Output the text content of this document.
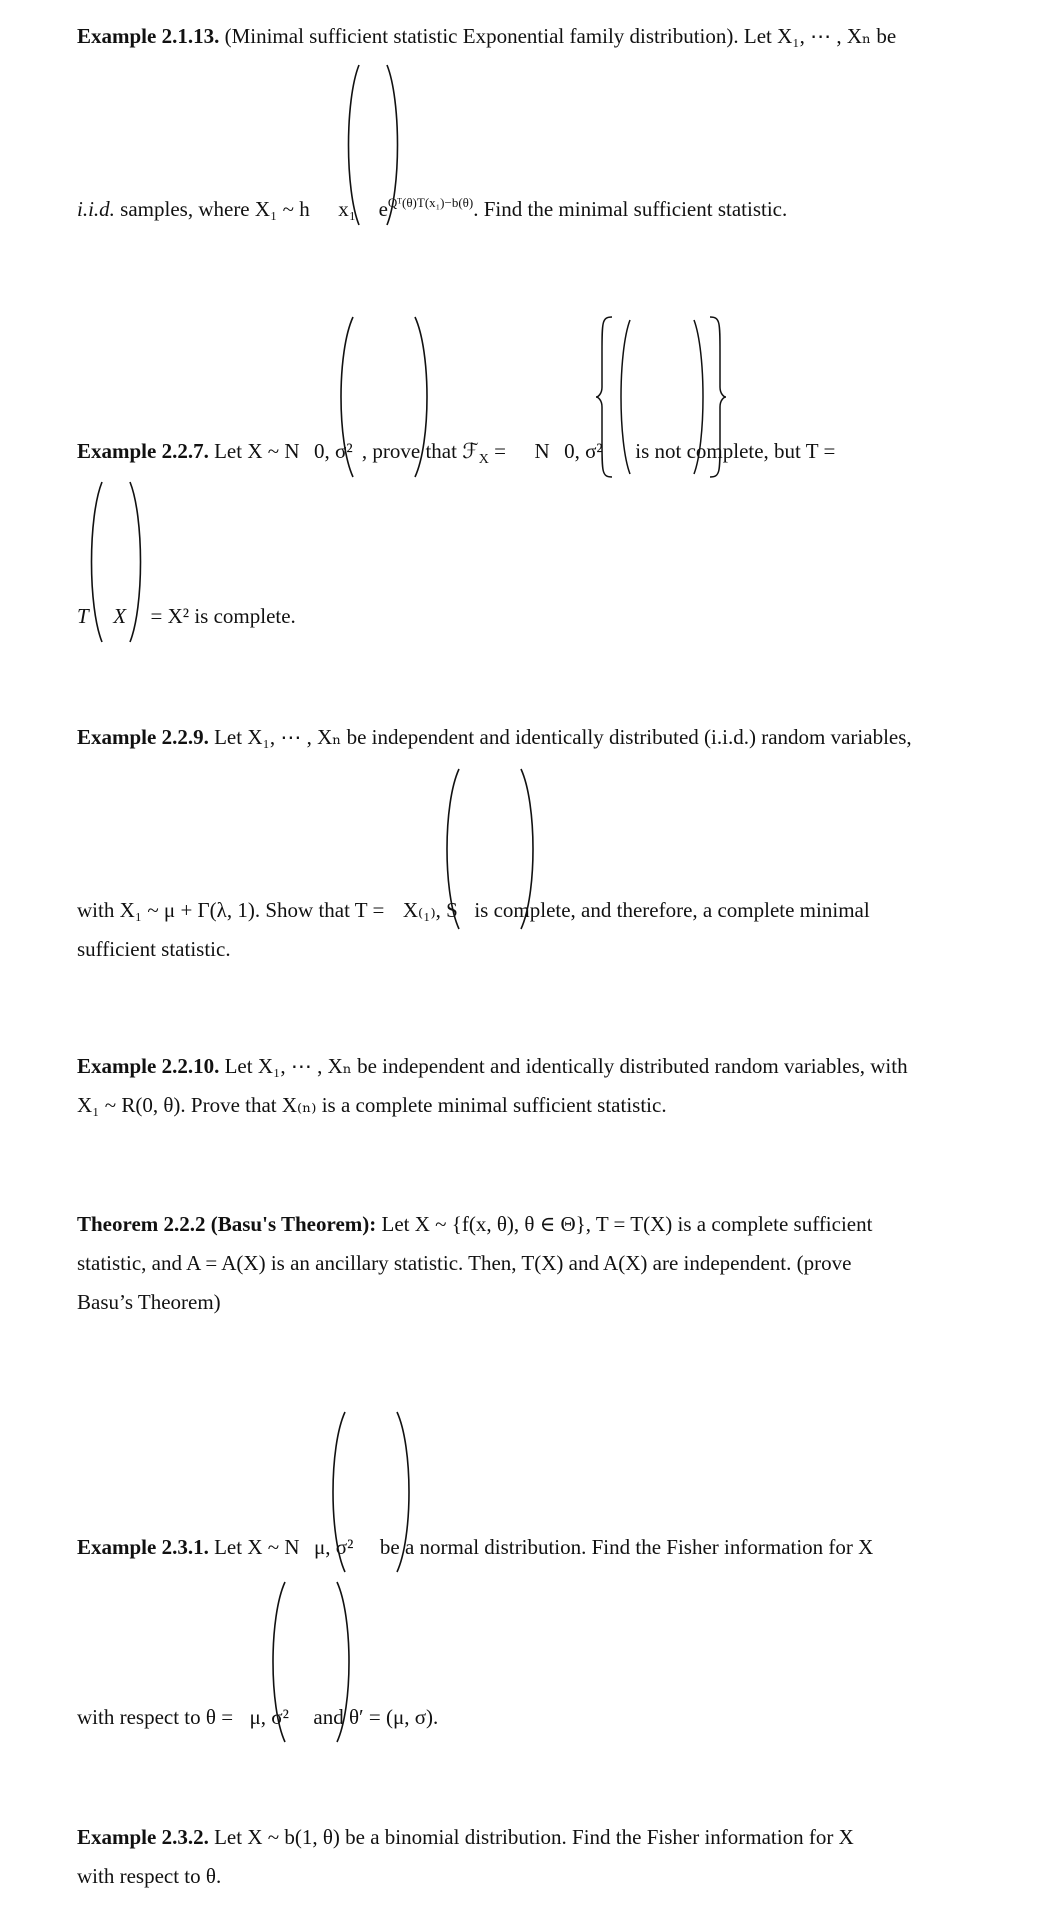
Example 2.1.13. (Minimal sufficient statistic Exponential family distribution). Let X₁, ⋯ , Xₙ be
i.i.d. samples, where X₁ ~ h x₁ $e^{Qᵀ(\theta)T(x_1)-b(\theta)}$. Find the minimal sufficient statistic.
Example 2.2.7. Let X ~ N 0, σ² , prove that ℱ$_X$ = N 0, σ² is not complete, but T =
T X = X² is complete.
Example 2.2.9. Let X₁, ⋯ , Xₙ be independent and identically distributed (i.i.d.) random variables,
with X₁ ~ μ + Γ(λ, 1). Show that T = X₍₁₎, S is complete, and therefore, a complete minimal
sufficient statistic.
Example 2.2.10. Let X₁, ⋯ , Xₙ be independent and identically distributed random variables, with
X₁ ~ R(0, θ). Prove that X₍ₙ₎ is a complete minimal sufficient statistic.
Theorem 2.2.2 (Basu's Theorem): Let X ~ {f(x, θ), θ ∈ Θ}, T = T(X) is a complete sufficient
statistic, and A = A(X) is an ancillary statistic. Then, T(X) and A(X) are independent. (prove
Basu’s Theorem)
Example 2.3.1. Let X ~ N μ, σ² be a normal distribution. Find the Fisher information for X
with respect to θ = μ, σ² and θ′ = (μ, σ).
Example 2.3.2. Let X ~ b(1, θ) be a binomial distribution. Find the Fisher information for X
with respect to θ.
